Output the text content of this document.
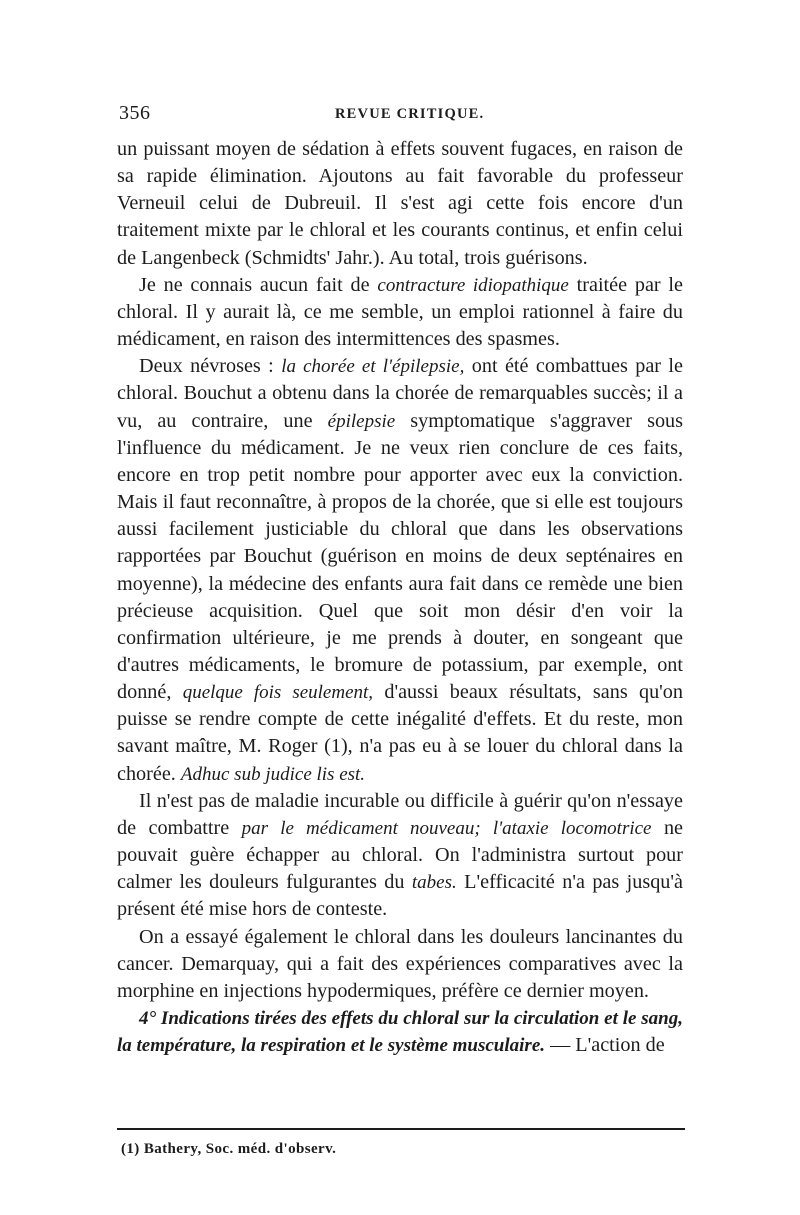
356	REVUE CRITIQUE.

un puissant moyen de sédation à effets souvent fugaces, en raison de sa rapide élimination. Ajoutons au fait favorable du professeur Verneuil celui de Dubreuil. Il s'est agi cette fois encore d'un traitement mixte par le chloral et les courants continus, et enfin celui de Langenbeck (Schmidts' Jahr.). Au total, trois guérisons.

Je ne connais aucun fait de contracture idiopathique traitée par le chloral. Il y aurait là, ce me semble, un emploi rationnel à faire du médicament, en raison des intermittences des spasmes.

Deux névroses : la chorée et l'épilepsie, ont été combattues par le chloral. Bouchut a obtenu dans la chorée de remarquables succès; il a vu, au contraire, une épilepsie symptomatique s'aggraver sous l'influence du médicament. Je ne veux rien conclure de ces faits, encore en trop petit nombre pour apporter avec eux la conviction. Mais il faut reconnaître, à propos de la chorée, que si elle est toujours aussi facilement justiciable du chloral que dans les observations rapportées par Bouchut (guérison en moins de deux septénaires en moyenne), la médecine des enfants aura fait dans ce remède une bien précieuse acquisition. Quel que soit mon désir d'en voir la confirmation ultérieure, je me prends à douter, en songeant que d'autres médicaments, le bromure de potassium, par exemple, ont donné, quelque fois seulement, d'aussi beaux résultats, sans qu'on puisse se rendre compte de cette inégalité d'effets. Et du reste, mon savant maître, M. Roger (1), n'a pas eu à se louer du chloral dans la chorée. Adhuc sub judice lis est.

Il n'est pas de maladie incurable ou difficile à guérir qu'on n'essaye de combattre par le médicament nouveau; l'ataxie locomotrice ne pouvait guère échapper au chloral. On l'administra surtout pour calmer les douleurs fulgurantes du tabes. L'efficacité n'a pas jusqu'à présent été mise hors de conteste.

On a essayé également le chloral dans les douleurs lancinantes du cancer. Demarquay, qui a fait des expériences comparatives avec la morphine en injections hypodermiques, préfère ce dernier moyen.

4° Indications tirées des effets du chloral sur la circulation et le sang, la température, la respiration et le système musculaire. — L'action de

(1) Bathery, Soc. méd. d'observ.
